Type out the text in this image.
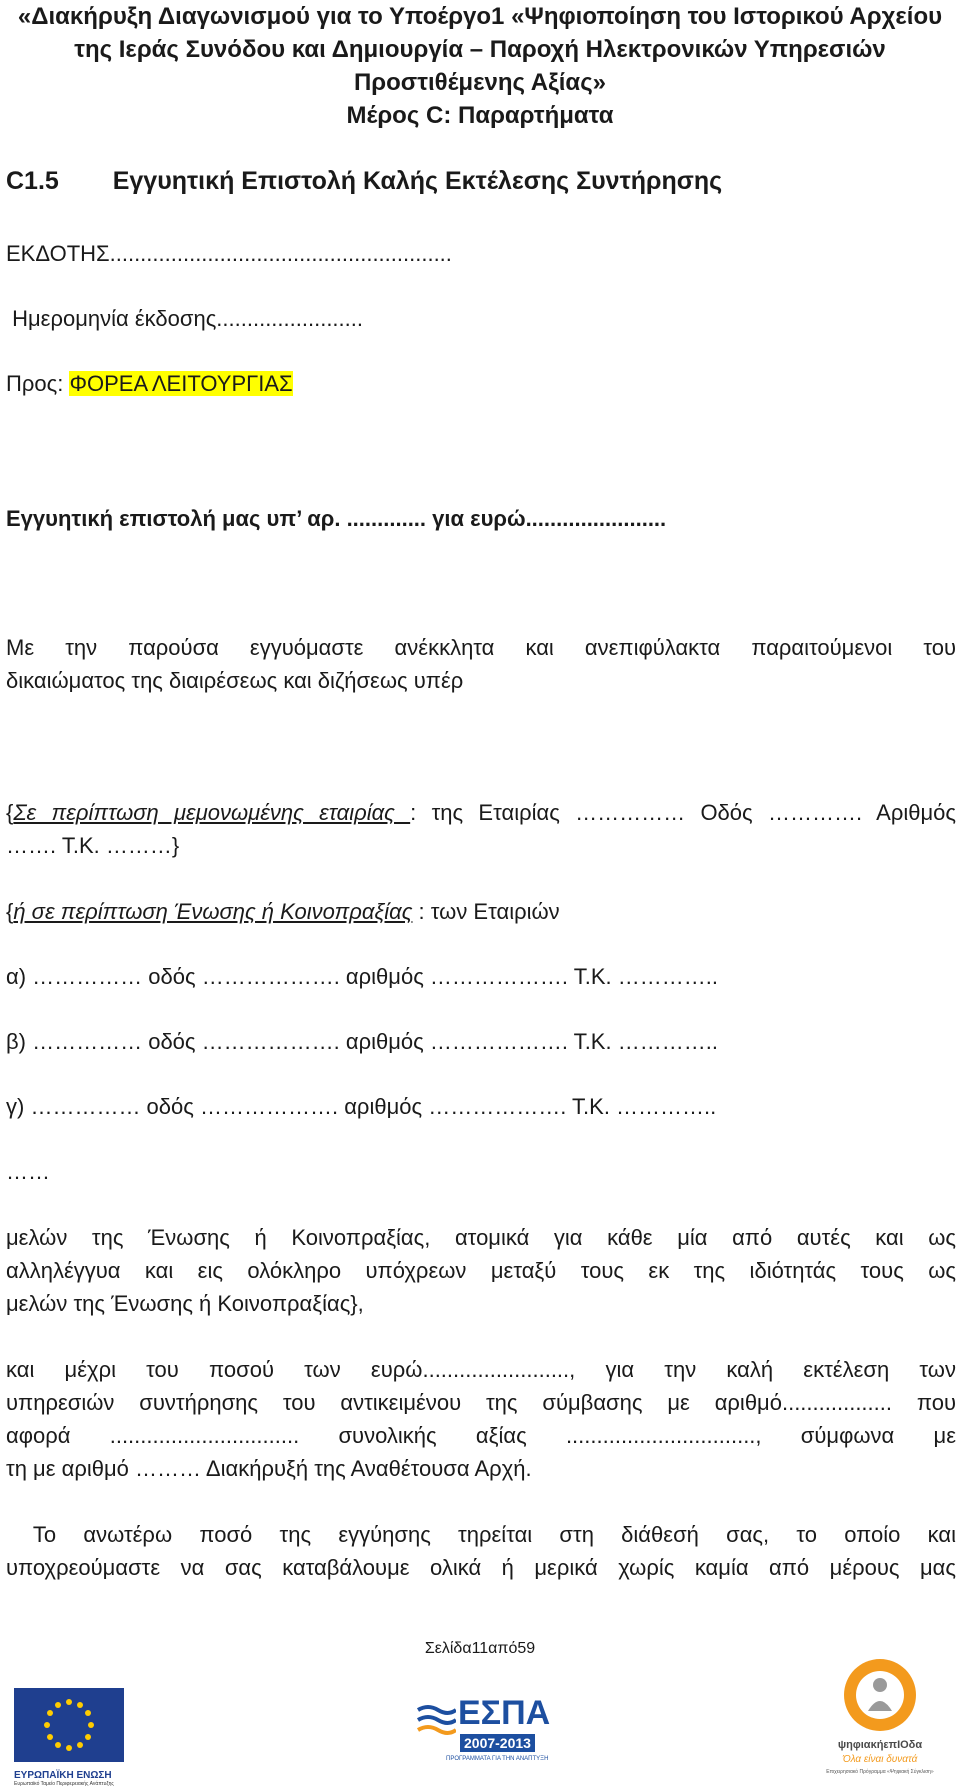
«Διακήρυξη Διαγωνισμού για το Υποέργο1 «Ψηφιοποίηση του Ιστορικού Αρχείου

της Ιεράς Συνόδου και Δημιουργία – Παροχή Ηλεκτρονικών Υπηρεσιών

Προστιθέμενης Αξίας»

Μέρος C: Παραρτήματα

C1.5 Εγγυητική Επιστολή Καλής Εκτέλεσης Συντήρησης
ΕΚΔΟΤΗΣ........................................................
Ημερομηνία έκδοσης........................
Προς: ΦΟΡΕΑ ΛΕΙΤΟΥΡΓΙΑΣ
Εγγυητική επιστολή μας υπ’ αρ. ............. για ευρώ.......................
Με την παρούσα εγγυόμαστε ανέκκλητα και ανεπιφύλακτα παραιτούμενοι του
δικαιώματος της διαιρέσεως και διζήσεως υπέρ
{Σε περίπτωση μεμονωμένης εταιρίας : της Εταιρίας …………… Οδός …………. Αριθμός
……. Τ.Κ. ………}
{ή σε περίπτωση Ένωσης ή Κοινοπραξίας : των Εταιριών
α) …………… οδός ………………. αριθμός ………………. Τ.Κ. …………..
β) …………… οδός ………………. αριθμός ………………. Τ.Κ. …………..
γ) …………… οδός ………………. αριθμός ………………. Τ.Κ. …………..
……
μελών της Ένωσης ή Κοινοπραξίας, ατομικά για κάθε μία από αυτές και ως
αλληλέγγυα και εις ολόκληρο υπόχρεων μεταξύ τους εκ της ιδιότητάς τους ως
μελών της Ένωσης ή Κοινοπραξίας},
και μέχρι του ποσού των ευρώ........................, για την καλή εκτέλεση των
υπηρεσιών συντήρησης του αντικειμένου της σύμβασης με αριθμό.................. που
αφορά ............................... συνολικής αξίας ..............................., σύμφωνα με
τη με αριθμό ……… Διακήρυξή της Αναθέτουσα Αρχή.
Το ανωτέρω ποσό της εγγύησης τηρείται στη διάθεσή σας, το οποίο και
υποχρεούμαστε να σας καταβάλουμε ολικά ή μερικά χωρίς καμία από μέρους μας
Σελίδα11από59
ΕΥΡΩΠΑΪΚΗ ΕΝΩΣΗ
Ευρωπαϊκό Ταμείο Περιφερειακής Ανάπτυξης
ΕΣΠΑ
2007-2013
ΠΡΟΓΡΑΜΜΑΤΑ ΓΙΑ ΤΗΝ ΑΝΑΠΤΥΞΗ
ψηφιακήεπΙΟδα
Όλα είναι δυνατά
Επιχειρησιακό Πρόγραμμα «Ψηφιακή Σύγκλιση»
